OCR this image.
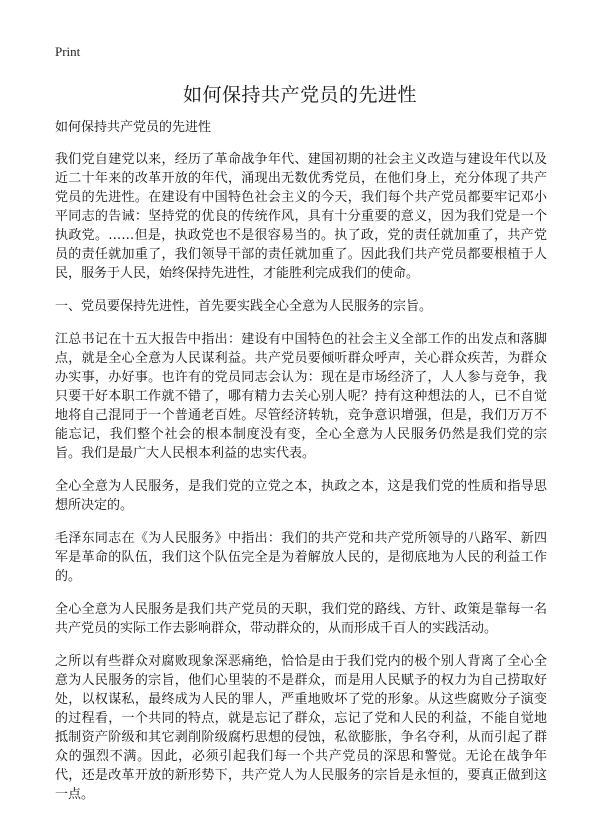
Print
如何保持共产党员的先进性

如何保持共产党员的先进性

我们党自建党以来，经历了革命战争年代、建国初期的社会主义改造与建设年代以及近二十年来的改革开放的年代，涌现出无数优秀党员，在他们身上，充分体现了共产党员的先进性。在建设有中国特色社会主义的今天，我们每个共产党员都要牢记邓小平同志的告诫：坚持党的优良的传统作风，具有十分重要的意义，因为我们党是一个执政党。……但是，执政党也不是很容易当的。执了政，党的责任就加重了，共产党员的责任就加重了，我们领导干部的责任就加重了。因此我们共产党员都要根植于人民，服务于人民，始终保持先进性，才能胜利完成我们的使命。

一、党员要保持先进性，首先要实践全心全意为人民服务的宗旨。

江总书记在十五大报告中指出：建设有中国特色的社会主义全部工作的出发点和落脚点，就是全心全意为人民谋利益。共产党员要倾听群众呼声，关心群众疾苦，为群众办实事，办好事。也许有的党员同志会认为：现在是市场经济了，人人参与竞争，我只要干好本职工作就不错了，哪有精力去关心别人呢？持有这种想法的人，已不自觉地将自己混同于一个普通老百姓。尽管经济转轨，竞争意识增强，但是，我们万万不能忘记，我们整个社会的根本制度没有变，全心全意为人民服务仍然是我们党的宗旨。我们是最广大人民根本利益的忠实代表。

全心全意为人民服务，是我们党的立党之本，执政之本，这是我们党的性质和指导思想所决定的。

毛泽东同志在《为人民服务》中指出：我们的共产党和共产党所领导的八路军、新四军是革命的队伍，我们这个队伍完全是为着解放人民的，是彻底地为人民的利益工作的。

全心全意为人民服务是我们共产党员的天职，我们党的路线、方针、政策是靠每一名共产党员的实际工作去影响群众，带动群众的，从而形成千百人的实践活动。

之所以有些群众对腐败现象深恶痛绝，恰恰是由于我们党内的极个别人背离了全心全意为人民服务的宗旨，他们心里装的不是群众，而是用人民赋予的权力为自己捞取好处，以权谋私，最终成为人民的罪人，严重地败坏了党的形象。从这些腐败分子演变的过程看，一个共同的特点，就是忘记了群众，忘记了党和人民的利益，不能自觉地抵制资产阶级和其它剥削阶级腐朽思想的侵蚀，私欲膨胀，争名夺利，从而引起了群众的强烈不满。因此，必须引起我们每一个共产党员的深思和警觉。无论在战争年代，还是改革开放的新形势下，共产党人为人民服务的宗旨是永恒的，要真正做到这一点。
